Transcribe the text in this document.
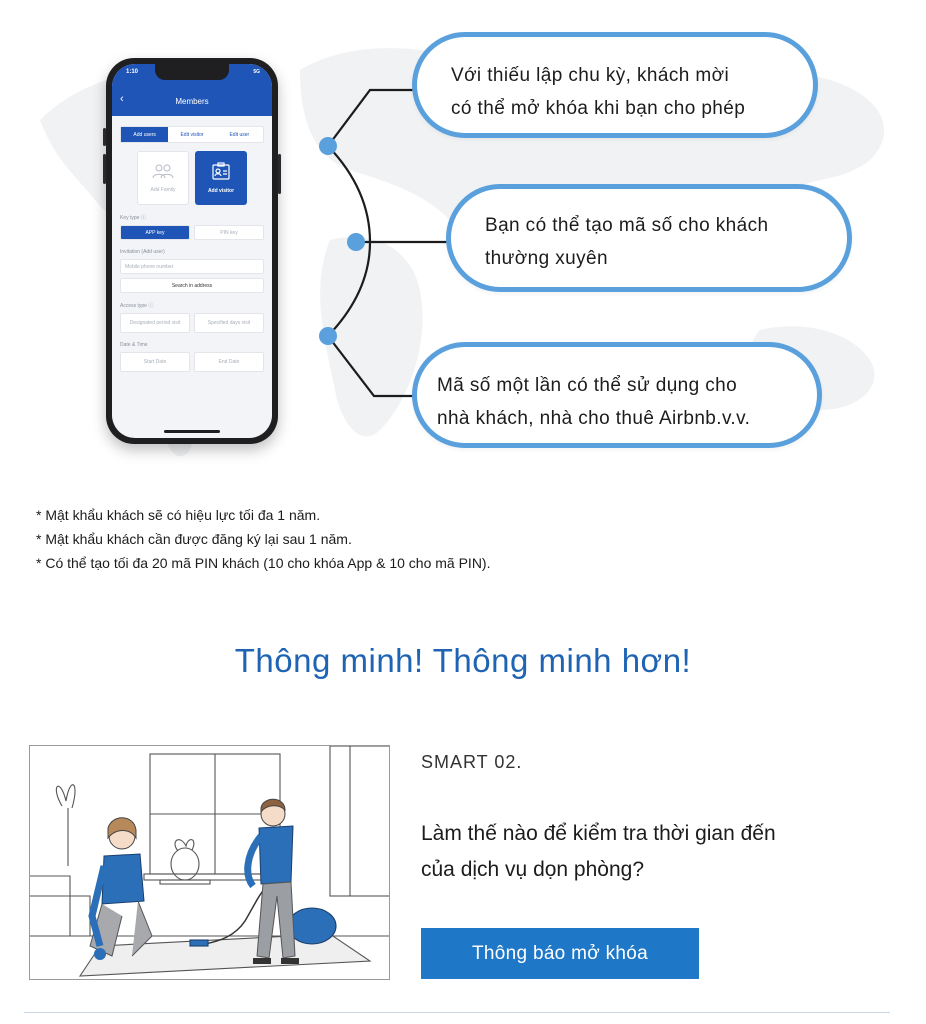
1:10	5G
‹	Members
Add users	Edit visitor	Edit user
Add Family	Add visitor
Key type ⓘ
APP key	PIN key
Invitation (Add user)
Mobile phone number
Search in address
Access type ⓘ
Designated period visit	Specified days visit
Date & Time
Start Date	End Date
Với thiếu lập chu kỳ, khách mời
có thể mở khóa khi bạn cho phép
Bạn có thể tạo mã số cho khách
thường xuyên
Mã số một lần có thể sử dụng cho
nhà khách, nhà cho thuê Airbnb.v.v.
* Mật khẩu khách sẽ có hiệu lực tối đa 1 năm.
* Mật khẩu khách cần được đăng ký lại sau 1 năm.
* Có thể tạo tối đa 20 mã PIN khách (10 cho khóa App & 10 cho mã PIN).
Thông minh! Thông minh hơn!
SMART 02.
Làm thế nào để kiểm tra thời gian đến
của dịch vụ dọn phòng?
Thông báo mở khóa
